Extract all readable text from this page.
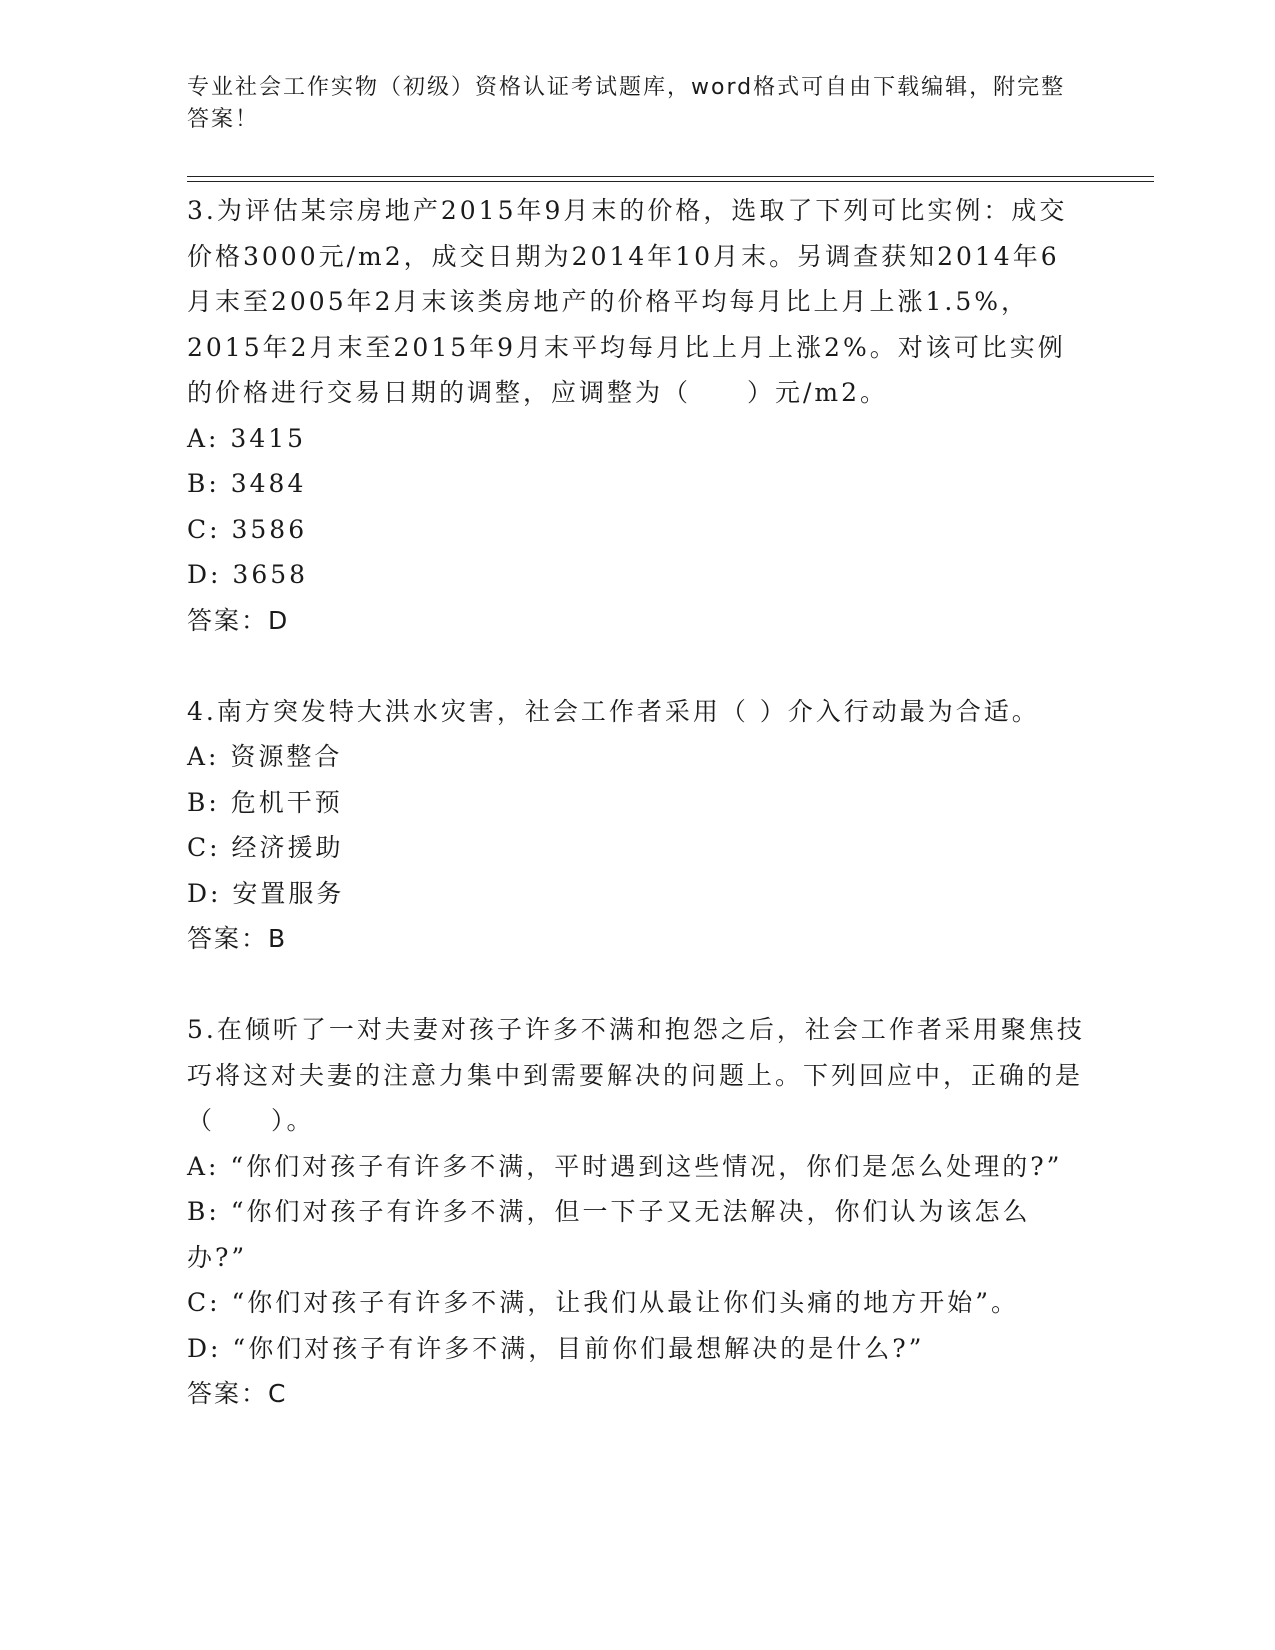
专业社会工作实物（初级）资格认证考试题库，word格式可自由下载编辑，附完整答案！
3.为评估某宗房地产2015年9月末的价格，选取了下列可比实例：成交价格3000元/m2，成交日期为2014年10月末。另调查获知2014年6月末至2005年2月末该类房地产的价格平均每月比上月上涨1.5%，2015年2月末至2015年9月末平均每月比上月上涨2%。对该可比实例的价格进行交易日期的调整，应调整为（　　）元/m2。
A: 3415
B: 3484
C: 3586
D: 3658
答案：D
4.南方突发特大洪水灾害，社会工作者采用（ ）介入行动最为合适。
A: 资源整合
B: 危机干预
C: 经济援助
D: 安置服务
答案：B
5.在倾听了一对夫妻对孩子许多不满和抱怨之后，社会工作者采用聚焦技巧将这对夫妻的注意力集中到需要解决的问题上。下列回应中，正确的是（　　）。
A: “你们对孩子有许多不满，平时遇到这些情况，你们是怎么处理的?”
B: “你们对孩子有许多不满，但一下子又无法解决，你们认为该怎么办?”
C: “你们对孩子有许多不满，让我们从最让你们头痛的地方开始”。
D: “你们对孩子有许多不满，目前你们最想解决的是什么?”
答案：C
